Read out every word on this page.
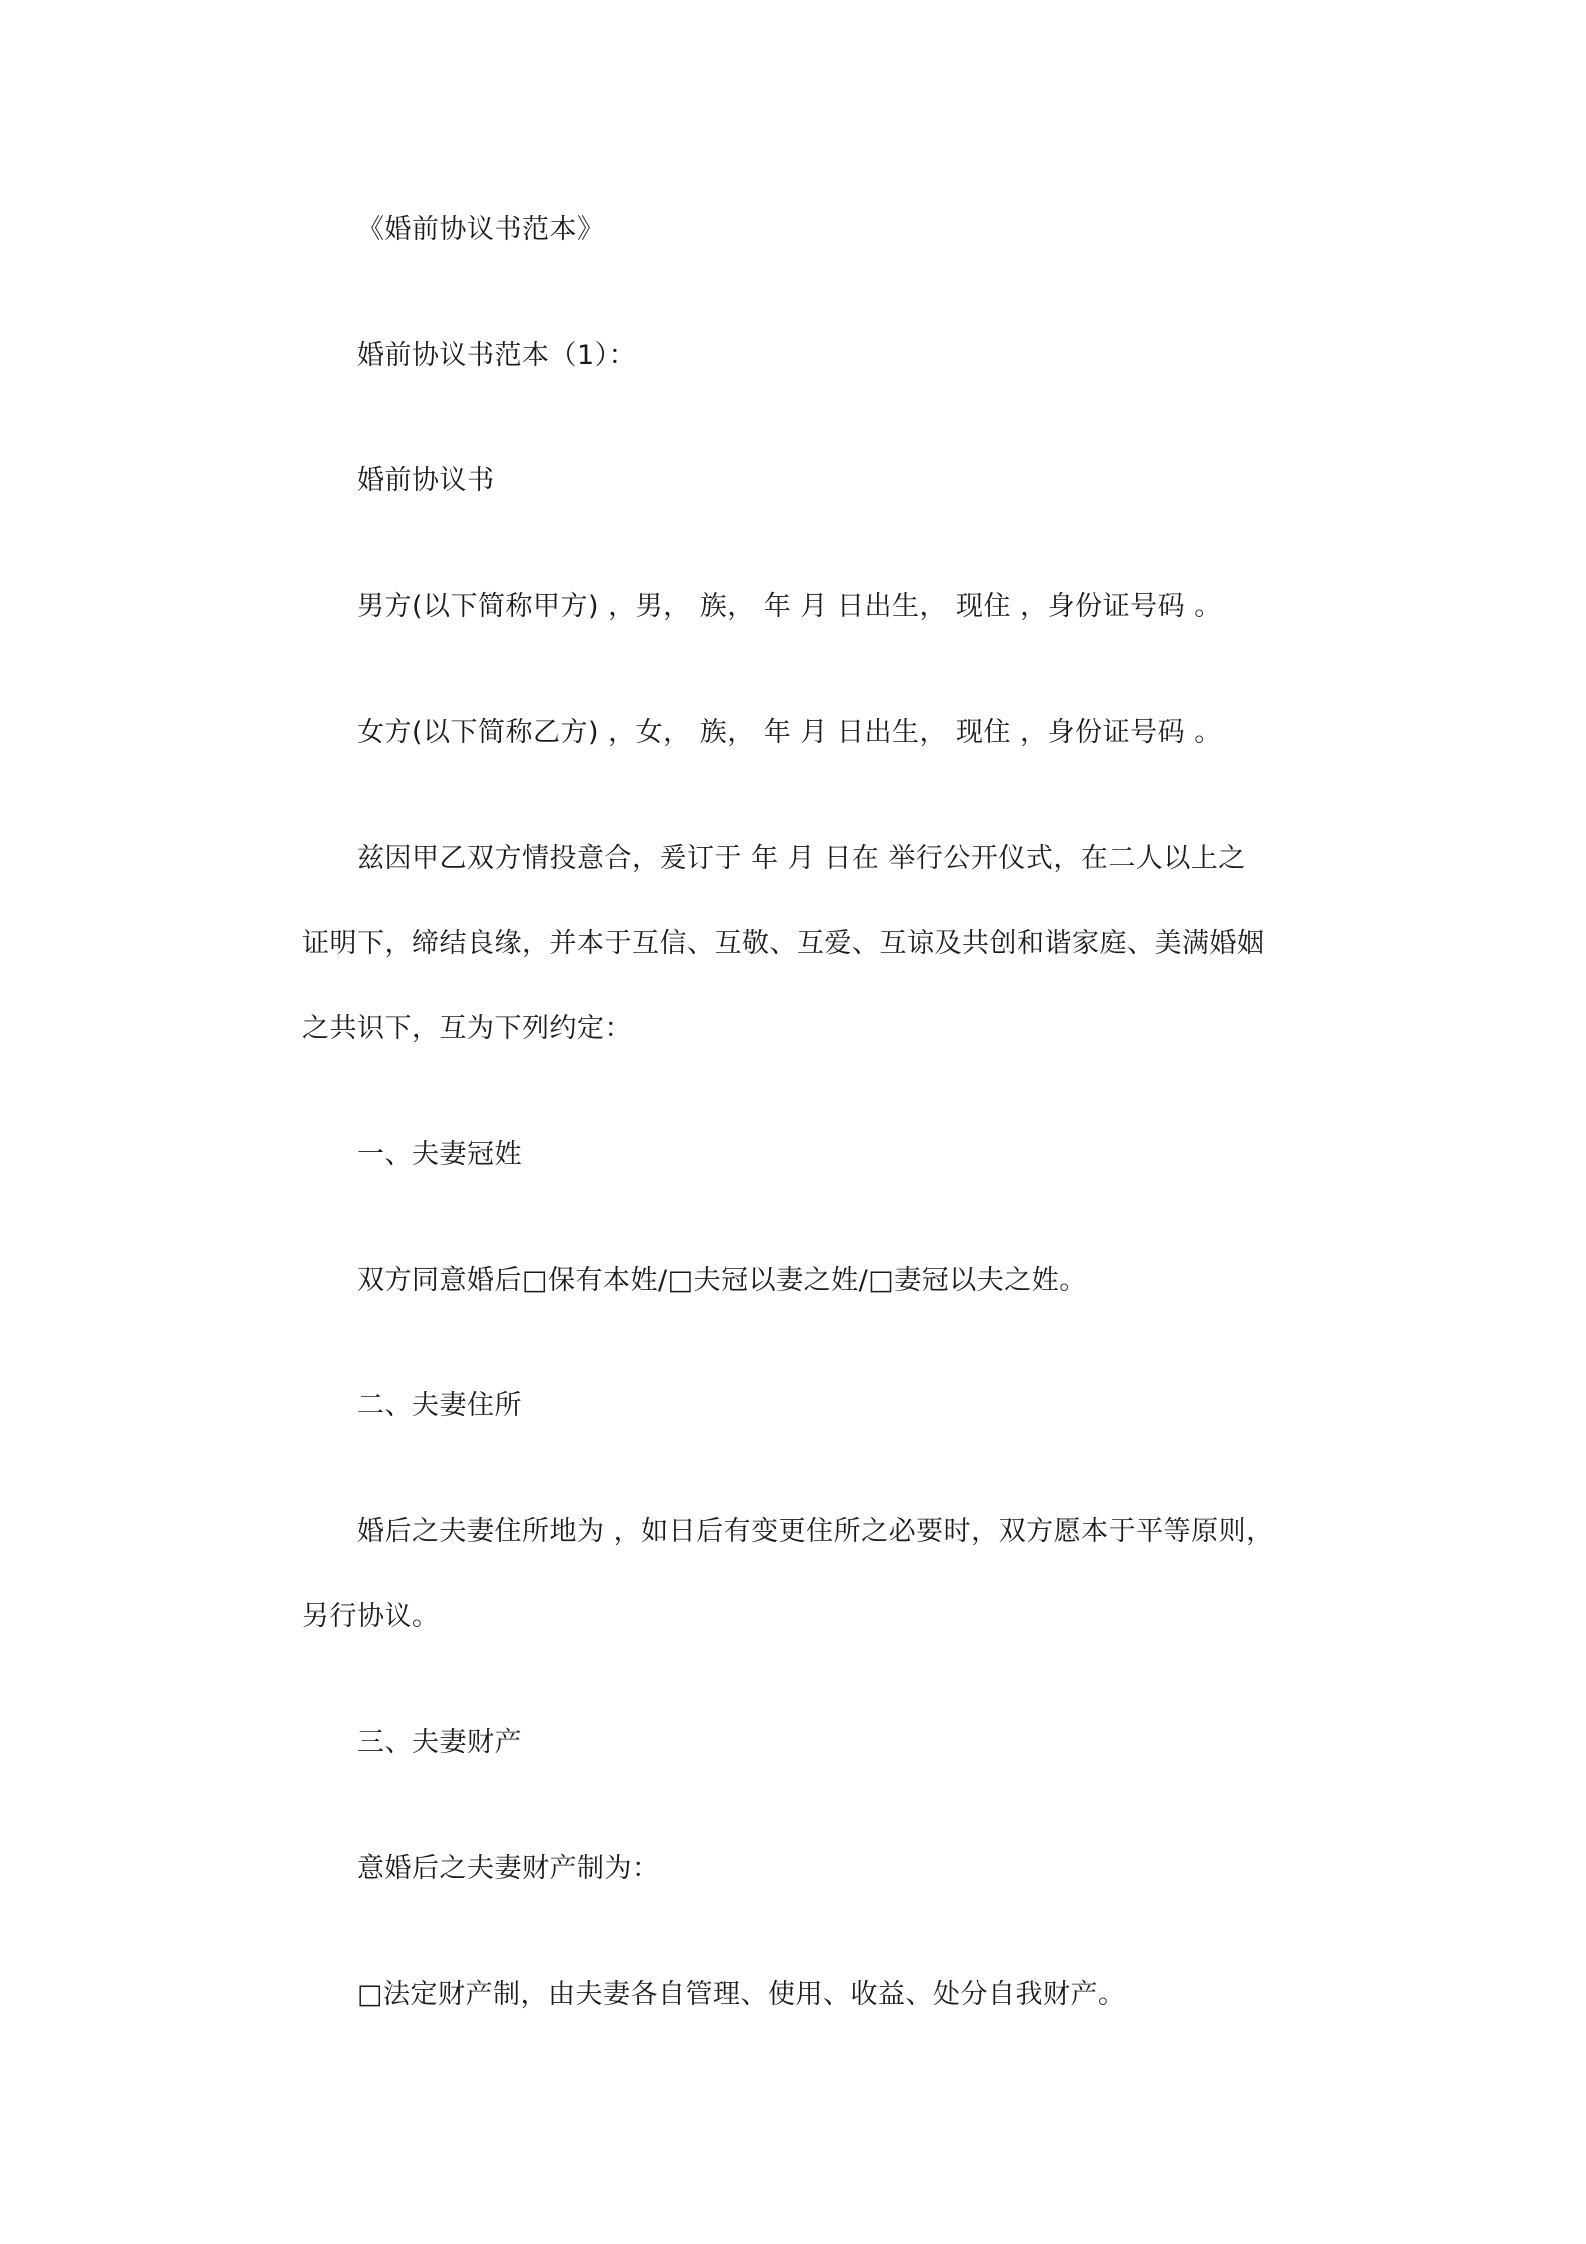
《婚前协议书范本》
婚前协议书范本（1）：
婚前协议书
男方(以下简称甲方) ，男， 族， 年 月 日出生， 现住 ，身份证号码 。
女方(以下简称乙方) ，女， 族， 年 月 日出生， 现住 ，身份证号码 。
兹因甲乙双方情投意合，爰订于 年 月 日在 举行公开仪式，在二人以上之
证明下，缔结良缘，并本于互信、互敬、互爱、互谅及共创和谐家庭、美满婚姻
之共识下，互为下列约定：
一、夫妻冠姓
双方同意婚后□保有本姓/□夫冠以妻之姓/□妻冠以夫之姓。
二、夫妻住所
婚后之夫妻住所地为 ，如日后有变更住所之必要时，双方愿本于平等原则，
另行协议。
三、夫妻财产
意婚后之夫妻财产制为：
□法定财产制，由夫妻各自管理、使用、收益、处分自我财产。
